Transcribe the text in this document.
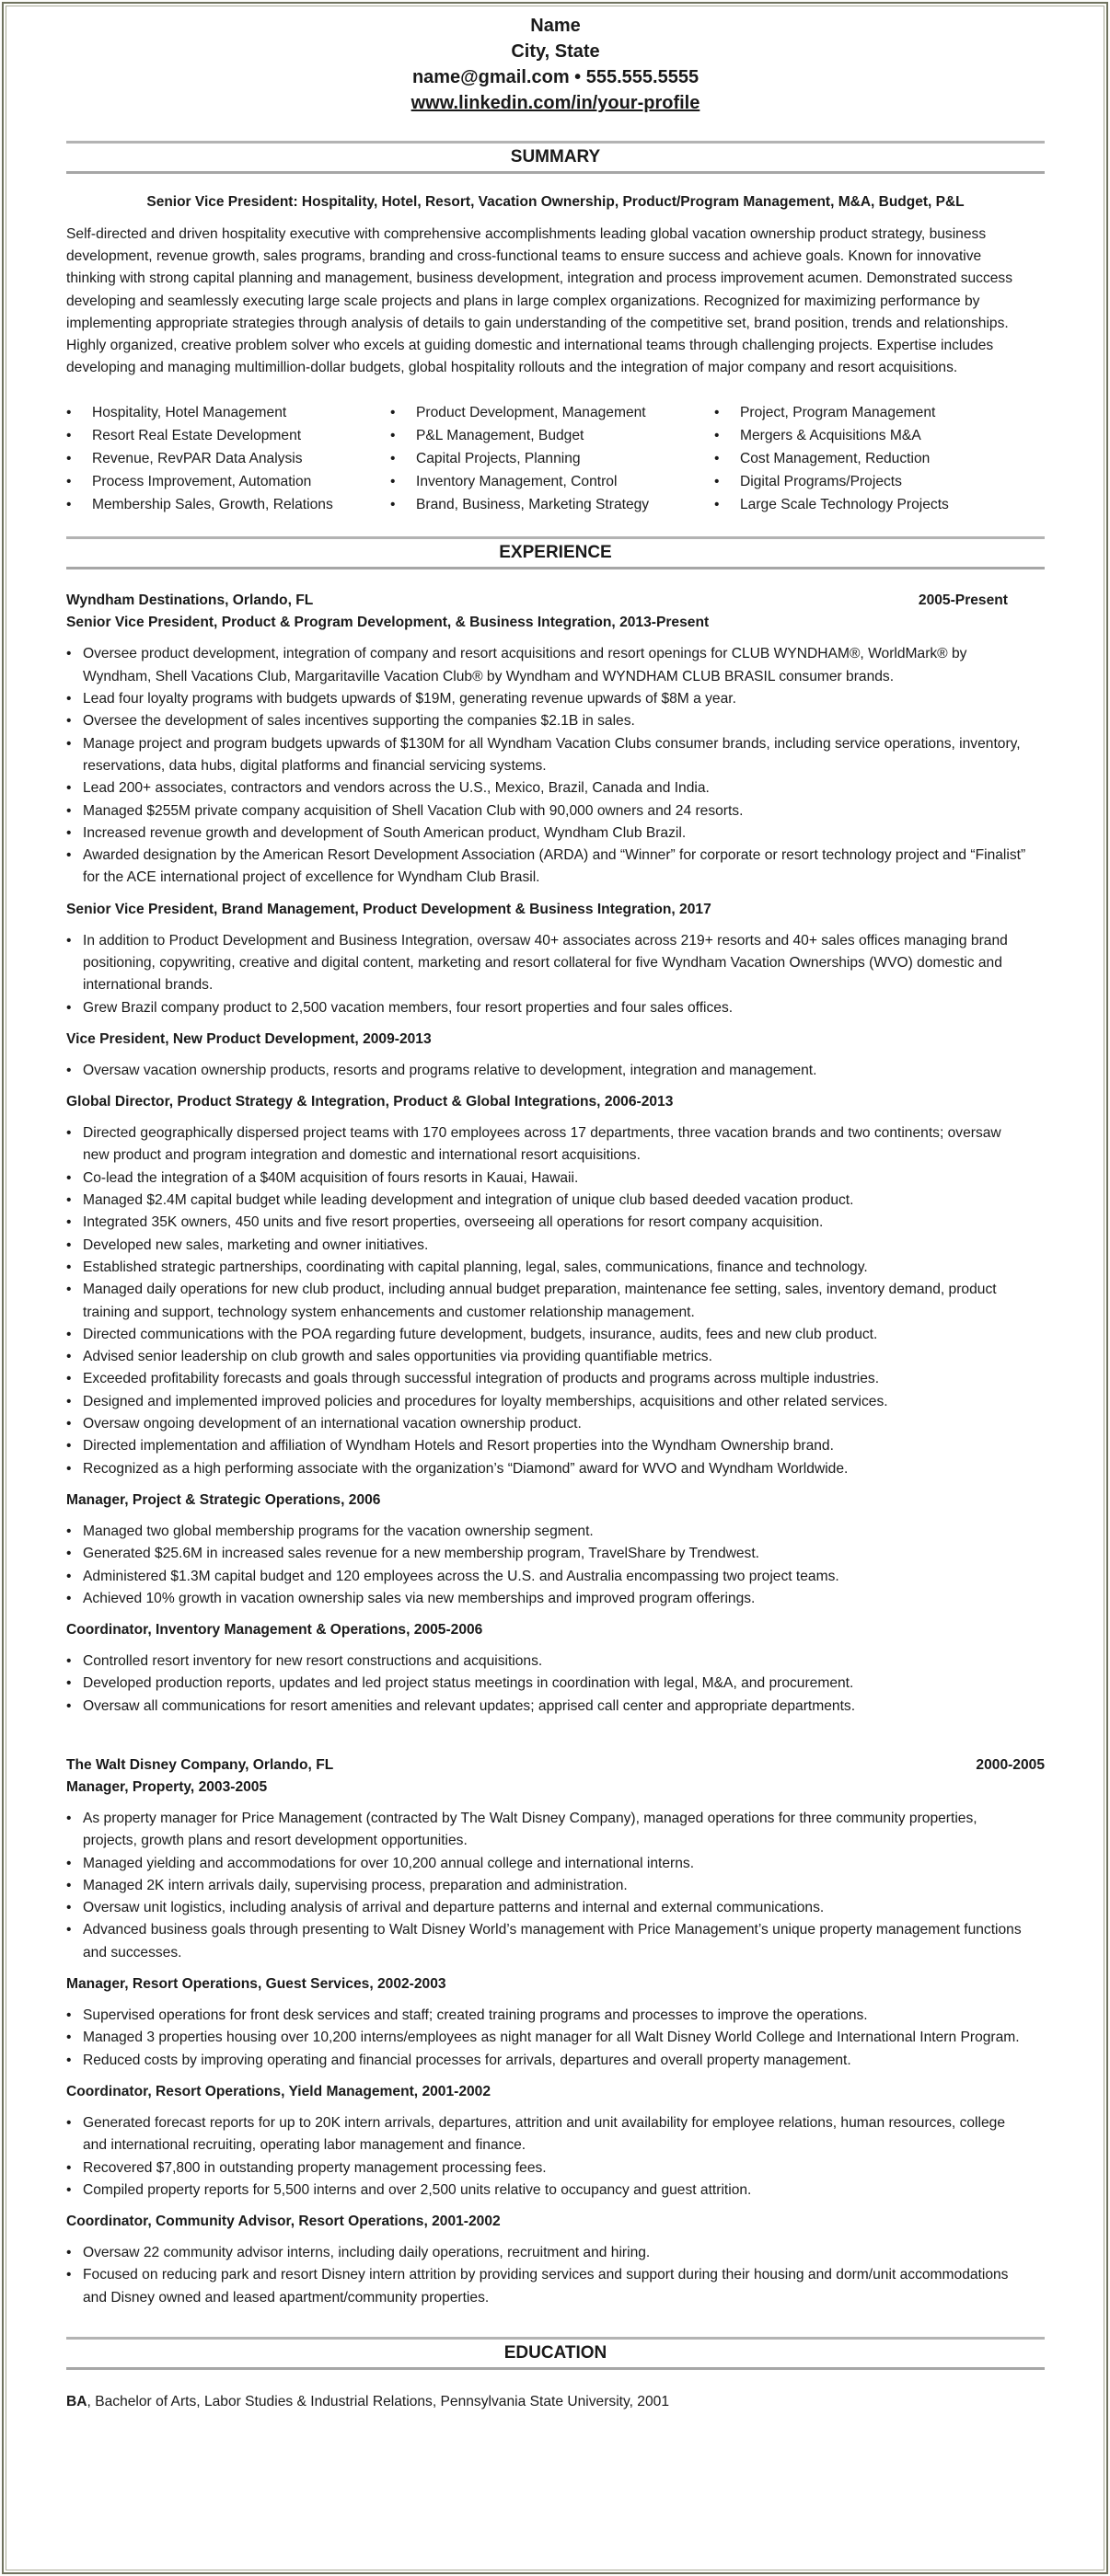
Name
City, State
name@gmail.com • 555.555.5555
www.linkedin.com/in/your-profile
SUMMARY
Senior Vice President: Hospitality, Hotel, Resort, Vacation Ownership, Product/Program Management, M&A, Budget, P&L

Self-directed and driven hospitality executive with comprehensive accomplishments leading global vacation ownership product strategy, business development, revenue growth, sales programs, branding and cross-functional teams to ensure success and achieve goals. Known for innovative thinking with strong capital planning and management, business development, integration and process improvement acumen. Demonstrated success developing and seamlessly executing large scale projects and plans in large complex organizations. Recognized for maximizing performance by implementing appropriate strategies through analysis of details to gain understanding of the competitive set, brand position, trends and relationships. Highly organized, creative problem solver who excels at guiding domestic and international teams through challenging projects. Expertise includes developing and managing multimillion-dollar budgets, global hospitality rollouts and the integration of major company and resort acquisitions.

• Hospitality, Hotel Management
• Resort Real Estate Development
• Revenue, RevPAR Data Analysis
• Process Improvement, Automation
• Membership Sales, Growth, Relations
• Product Development, Management
• P&L Management, Budget
• Capital Projects, Planning
• Inventory Management, Control
• Brand, Business, Marketing Strategy
• Project, Program Management
• Mergers & Acquisitions M&A
• Cost Management, Reduction
• Digital Programs/Projects
• Large Scale Technology Projects
EXPERIENCE
Wyndham Destinations, Orlando, FL	2005-Present
Senior Vice President, Product & Program Development, & Business Integration, 2013-Present
• Oversee product development, integration of company and resort acquisitions and resort openings for CLUB WYNDHAM®, WorldMark® by Wyndham, Shell Vacations Club, Margaritaville Vacation Club® by Wyndham and WYNDHAM CLUB BRASIL consumer brands.
• Lead four loyalty programs with budgets upwards of $19M, generating revenue upwards of $8M a year.
• Oversee the development of sales incentives supporting the companies $2.1B in sales.
• Manage project and program budgets upwards of $130M for all Wyndham Vacation Clubs consumer brands, including service operations, inventory, reservations, data hubs, digital platforms and financial servicing systems.
• Lead 200+ associates, contractors and vendors across the U.S., Mexico, Brazil, Canada and India.
• Managed $255M private company acquisition of Shell Vacation Club with 90,000 owners and 24 resorts.
• Increased revenue growth and development of South American product, Wyndham Club Brazil.
• Awarded designation by the American Resort Development Association (ARDA) and “Winner” for corporate or resort technology project and “Finalist” for the ACE international project of excellence for Wyndham Club Brasil.
Senior Vice President, Brand Management, Product Development & Business Integration, 2017
• In addition to Product Development and Business Integration, oversaw 40+ associates across 219+ resorts and 40+ sales offices managing brand positioning, copywriting, creative and digital content, marketing and resort collateral for five Wyndham Vacation Ownerships (WVO) domestic and international brands.
• Grew Brazil company product to 2,500 vacation members, four resort properties and four sales offices.
Vice President, New Product Development, 2009-2013
• Oversaw vacation ownership products, resorts and programs relative to development, integration and management.
Global Director, Product Strategy & Integration, Product & Global Integrations, 2006-2013
• Directed geographically dispersed project teams with 170 employees across 17 departments, three vacation brands and two continents; oversaw new product and program integration and domestic and international resort acquisitions.
• Co-lead the integration of a $40M acquisition of fours resorts in Kauai, Hawaii.
• Managed $2.4M capital budget while leading development and integration of unique club based deeded vacation product.
• Integrated 35K owners, 450 units and five resort properties, overseeing all operations for resort company acquisition.
• Developed new sales, marketing and owner initiatives.
• Established strategic partnerships, coordinating with capital planning, legal, sales, communications, finance and technology.
• Managed daily operations for new club product, including annual budget preparation, maintenance fee setting, sales, inventory demand, product training and support, technology system enhancements and customer relationship management.
• Directed communications with the POA regarding future development, budgets, insurance, audits, fees and new club product.
• Advised senior leadership on club growth and sales opportunities via providing quantifiable metrics.
• Exceeded profitability forecasts and goals through successful integration of products and programs across multiple industries.
• Designed and implemented improved policies and procedures for loyalty memberships, acquisitions and other related services.
• Oversaw ongoing development of an international vacation ownership product.
• Directed implementation and affiliation of Wyndham Hotels and Resort properties into the Wyndham Ownership brand.
• Recognized as a high performing associate with the organization’s “Diamond” award for WVO and Wyndham Worldwide.
Manager, Project & Strategic Operations, 2006
• Managed two global membership programs for the vacation ownership segment.
• Generated $25.6M in increased sales revenue for a new membership program, TravelShare by Trendwest.
• Administered $1.3M capital budget and 120 employees across the U.S. and Australia encompassing two project teams.
• Achieved 10% growth in vacation ownership sales via new memberships and improved program offerings.
Coordinator, Inventory Management & Operations, 2005-2006
• Controlled resort inventory for new resort constructions and acquisitions.
• Developed production reports, updates and led project status meetings in coordination with legal, M&A, and procurement.
• Oversaw all communications for resort amenities and relevant updates; apprised call center and appropriate departments.
The Walt Disney Company, Orlando, FL	2000-2005
Manager, Property, 2003-2005
• As property manager for Price Management (contracted by The Walt Disney Company), managed operations for three community properties, projects, growth plans and resort development opportunities.
• Managed yielding and accommodations for over 10,200 annual college and international interns.
• Managed 2K intern arrivals daily, supervising process, preparation and administration.
• Oversaw unit logistics, including analysis of arrival and departure patterns and internal and external communications.
• Advanced business goals through presenting to Walt Disney World’s management with Price Management’s unique property management functions and successes.
Manager, Resort Operations, Guest Services, 2002-2003
• Supervised operations for front desk services and staff; created training programs and processes to improve the operations.
• Managed 3 properties housing over 10,200 interns/employees as night manager for all Walt Disney World College and International Intern Program.
• Reduced costs by improving operating and financial processes for arrivals, departures and overall property management.
Coordinator, Resort Operations, Yield Management, 2001-2002
• Generated forecast reports for up to 20K intern arrivals, departures, attrition and unit availability for employee relations, human resources, college and international recruiting, operating labor management and finance.
• Recovered $7,800 in outstanding property management processing fees.
• Compiled property reports for 5,500 interns and over 2,500 units relative to occupancy and guest attrition.
Coordinator, Community Advisor, Resort Operations, 2001-2002
• Oversaw 22 community advisor interns, including daily operations, recruitment and hiring.
• Focused on reducing park and resort Disney intern attrition by providing services and support during their housing and dorm/unit accommodations and Disney owned and leased apartment/community properties.
EDUCATION
BA, Bachelor of Arts, Labor Studies & Industrial Relations, Pennsylvania State University, 2001
